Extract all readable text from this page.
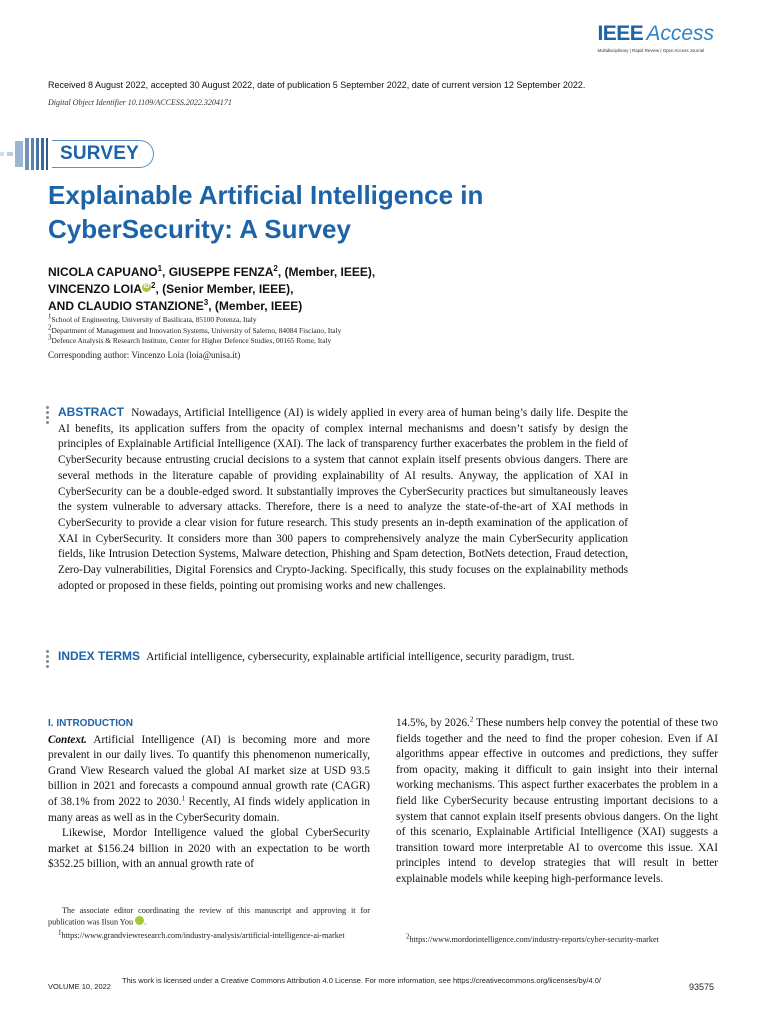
IEEE Access
Multidisciplinary | Rapid Review | Open Access Journal
Received 8 August 2022, accepted 30 August 2022, date of publication 5 September 2022, date of current version 12 September 2022.
Digital Object Identifier 10.1109/ACCESS.2022.3204171
SURVEY
Explainable Artificial Intelligence in CyberSecurity: A Survey
NICOLA CAPUANO$^1$, GIUSEPPE FENZA$^2$, (Member, IEEE),
VINCENZO LOIA iD $^2$, (Senior Member, IEEE),
AND CLAUDIO STANZIONE$^3$, (Member, IEEE)
$^1$School of Engineering, University of Basilicata, 85100 Potenza, Italy
$^2$Department of Management and Innovation Systems, University of Salerno, 84084 Fisciano, Italy
$^3$Defence Analysis & Research Institute, Center for Higher Defence Studies, 00165 Rome, Italy
Corresponding author: Vincenzo Loia (loia@unisa.it)
ABSTRACT Nowadays, Artificial Intelligence (AI) is widely applied in every area of human being’s daily life. Despite the AI benefits, its application suffers from the opacity of complex internal mechanisms and doesn’t satisfy by design the principles of Explainable Artificial Intelligence (XAI). The lack of transparency further exacerbates the problem in the field of CyberSecurity because entrusting crucial decisions to a system that cannot explain itself presents obvious dangers. There are several methods in the literature capable of providing explainability of AI results. Anyway, the application of XAI in CyberSecurity can be a double-edged sword. It substantially improves the CyberSecurity practices but simultaneously leaves the system vulnerable to adversary attacks. Therefore, there is a need to analyze the state-of-the-art of XAI methods in CyberSecurity to provide a clear vision for future research. This study presents an in-depth examination of the application of XAI in CyberSecurity. It considers more than 300 papers to comprehensively analyze the main CyberSecurity application fields, like Intrusion Detection Systems, Malware detection, Phishing and Spam detection, BotNets detection, Fraud detection, Zero-Day vulnerabilities, Digital Forensics and Crypto-Jacking. Specifically, this study focuses on the explainability methods adopted or proposed in these fields, pointing out promising works and new challenges.
INDEX TERMS Artificial intelligence, cybersecurity, explainable artificial intelligence, security paradigm, trust.
I. INTRODUCTION

Context. Artificial Intelligence (AI) is becoming more and more prevalent in our daily lives. To quantify this phenomenon numerically, Grand View Research valued the global AI market size at USD 93.5 billion in 2021 and forecasts a compound annual growth rate (CAGR) of 38.1% from 2022 to 2030.$^1$ Recently, AI finds widely application in many areas as well as in the CyberSecurity domain.

Likewise, Mordor Intelligence valued the global CyberSecurity market at $156.24 billion in 2020 with an expectation to be worth $352.25 billion, with an annual growth rate of

14.5%, by 2026.$^2$ These numbers help convey the potential of these two fields together and the need to find the proper cohesion. Even if AI algorithms appear effective in outcomes and predictions, they suffer from opacity, making it difficult to gain insight into their internal working mechanisms. This aspect further exacerbates the problem in a field like CyberSecurity because entrusting important decisions to a system that cannot explain itself presents obvious dangers. On the light of this scenario, Explainable Artificial Intelligence (XAI) suggests a transition toward more interpretable AI to overcome this issue. XAI principles intend to develop strategies that will result in better explainable models while keeping high-performance levels.

The associate editor coordinating the review of this manuscript and approving it for publication was Ilsun You	iD.

$^1$https://www.grandviewresearch.com/industry-analysis/artificial-intelligence-ai-market	$^2$https://www.mordorintelligence.com/industry-reports/cyber-security-market

VOLUME 10, 2022
This work is licensed under a Creative Commons Attribution 4.0 License. For more information, see https://creativecommons.org/licenses/by/4.0/
93575
